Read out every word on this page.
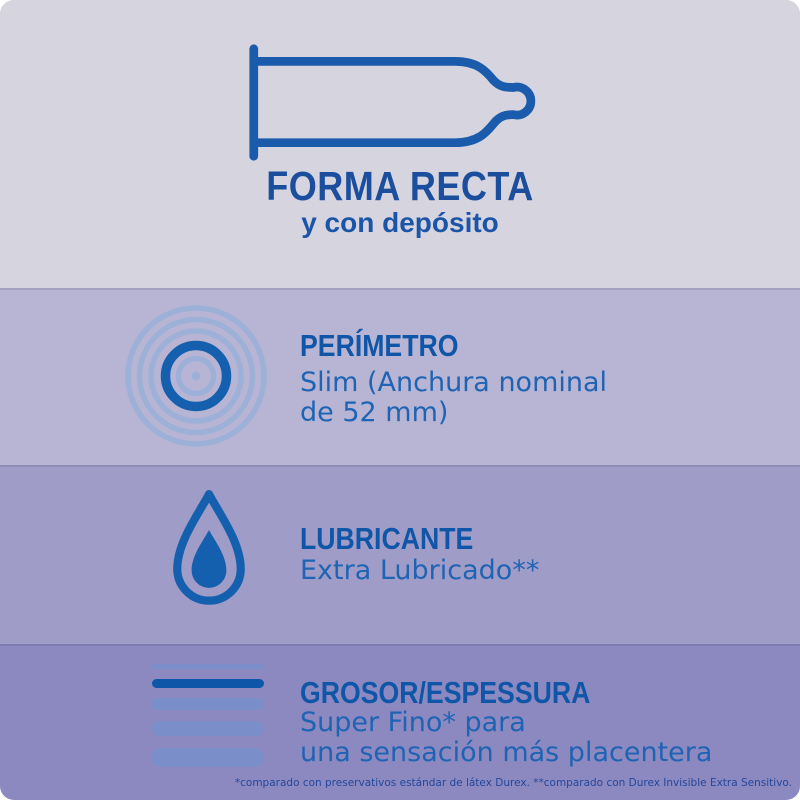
FORMA RECTA
y con depósito
PERÍMETRO
Slim (Anchura nominal
de 52 mm)
LUBRICANTE
Extra Lubricado**
GROSOR/ESPESSURA
Super Fino* para
una sensación más placentera
*comparado con preservativos estándar de látex Durex. **comparado con Durex Invisible Extra Sensitivo.
